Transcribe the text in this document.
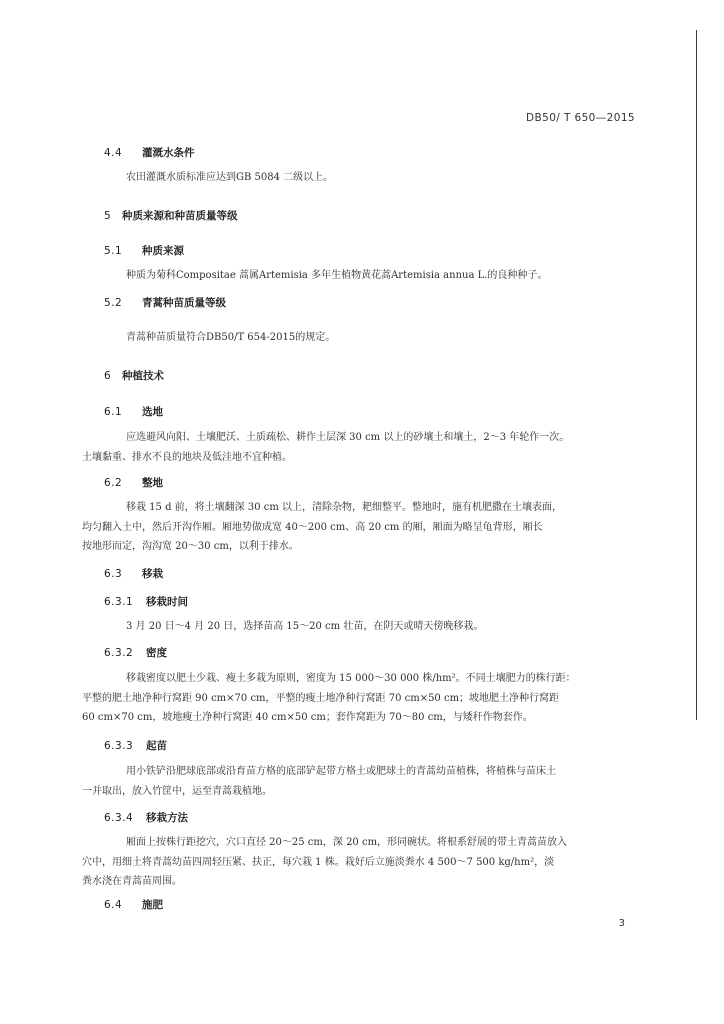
DB50/ T 650—2015
4.4 灌溉水条件
农田灌溉水质标准应达到GB 5084 二级以上。
5 种质来源和种苗质量等级
5.1 种质来源
种质为菊科Compositae 蒿属Artemisia 多年生植物黄花蒿Artemisia annua L.的良种种子。
5.2 青蒿种苗质量等级
青蒿种苗质量符合DB50/T 654-2015的规定。
6 种植技术
6.1 选地
应选避风向阳、土壤肥沃、土质疏松、耕作土层深 30 cm 以上的砂壤土和壤土，2～3 年轮作一次。
土壤黏重、排水不良的地块及低洼地不宜种植。
6.2 整地
移栽 15 d 前，将土壤翻深 30 cm 以上，清除杂物，耙细整平。整地时，施有机肥撒在土壤表面，
均匀翻入土中，然后开沟作厢。厢地势做成宽 40～200 cm、高 20 cm 的厢，厢面为略呈龟背形，厢长
按地形而定，沟沟宽 20～30 cm，以利于排水。
6.3 移栽
6.3.1 移栽时间
3 月 20 日～4 月 20 日，选择苗高 15～20 cm 壮苗，在阴天或晴天傍晚移栽。
6.3.2 密度
移栽密度以肥土少栽、瘦土多栽为原则，密度为 15 000～30 000 株/hm²。不同土壤肥力的株行距：
平整的肥土地净种行窝距 90 cm×70 cm，平整的瘦土地净种行窝距 70 cm×50 cm；坡地肥土净种行窝距
60 cm×70 cm，坡地瘦土净种行窝距 40 cm×50 cm；套作窝距为 70～80 cm，与矮秆作物套作。
6.3.3 起苗
用小铁铲沿肥球底部或沿育苗方格的底部铲起带方格土或肥球土的青蒿幼苗植株，将植株与苗床土
一并取出，放入竹筐中，运至青蒿栽植地。
6.3.4 移栽方法
厢面上按株行距挖穴，穴口直径 20～25 cm，深 20 cm，形同碗状。将根系舒展的带土青蒿苗放入
穴中，用细土将青蒿幼苗四周轻压紧、扶正，每穴栽 1 株。栽好后立施淡粪水 4 500～7 500 kg/hm²，淡
粪水浇在青蒿苗周围。
6.4 施肥
3
